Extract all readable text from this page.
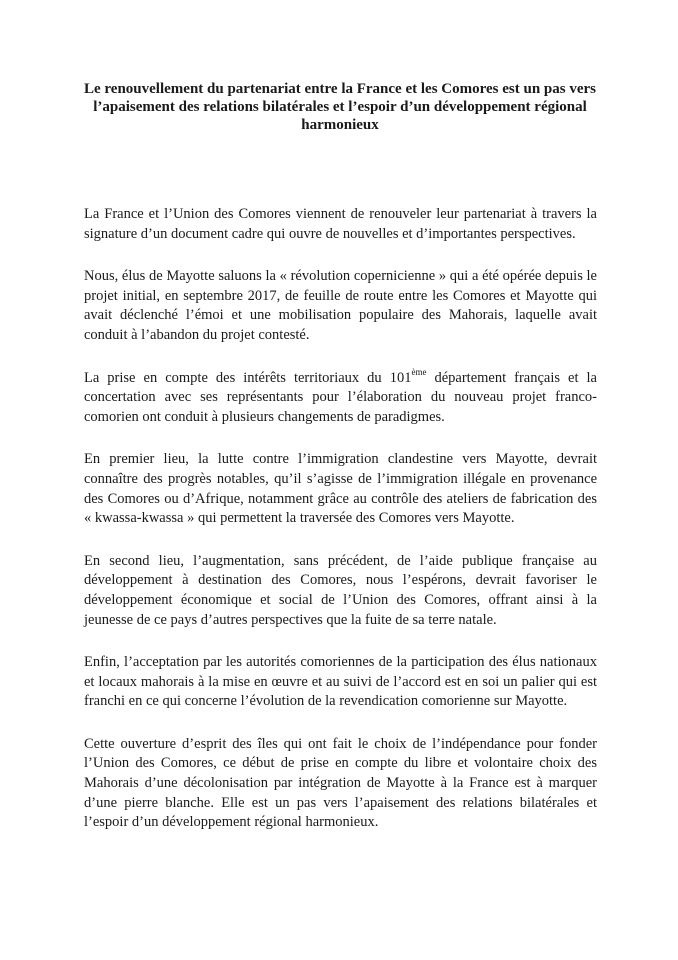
Le renouvellement du partenariat entre la France et les Comores est un pas vers l’apaisement des relations bilatérales et l’espoir d’un développement régional harmonieux

La France et l’Union des Comores viennent de renouveler leur partenariat à travers la signature d’un document cadre qui ouvre de nouvelles et d’importantes perspectives.

Nous, élus de Mayotte saluons la « révolution copernicienne » qui a été opérée depuis le projet initial, en septembre 2017, de feuille de route entre les Comores et Mayotte qui avait déclenché l’émoi et une mobilisation populaire des Mahorais, laquelle avait conduit à l’abandon du projet contesté.

La prise en compte des intérêts territoriaux du 101ème département français et la concertation avec ses représentants pour l’élaboration du nouveau projet franco-comorien ont conduit à plusieurs changements de paradigmes.

En premier lieu, la lutte contre l’immigration clandestine vers Mayotte, devrait connaître des progrès notables, qu’il s’agisse de l’immigration illégale en provenance des Comores ou d’Afrique, notamment grâce au contrôle des ateliers de fabrication des « kwassa-kwassa » qui permettent la traversée des Comores vers Mayotte.

En second lieu, l’augmentation, sans précédent, de l’aide publique française au développement à destination des Comores, nous l’espérons, devrait favoriser le développement économique et social de l’Union des Comores, offrant ainsi à la jeunesse de ce pays d’autres perspectives que la fuite de sa terre natale.

Enfin, l’acceptation par les autorités comoriennes de la participation des élus nationaux et locaux mahorais à la mise en œuvre et au suivi de l’accord est en soi un palier qui est franchi en ce qui concerne l’évolution de la revendication comorienne sur Mayotte.

Cette ouverture d’esprit des îles qui ont fait le choix de l’indépendance pour fonder l’Union des Comores, ce début de prise en compte du libre et volontaire choix des Mahorais d’une décolonisation par intégration de Mayotte à la France est à marquer d’une pierre blanche. Elle est un pas vers l’apaisement des relations bilatérales et l’espoir d’un développement régional harmonieux.
